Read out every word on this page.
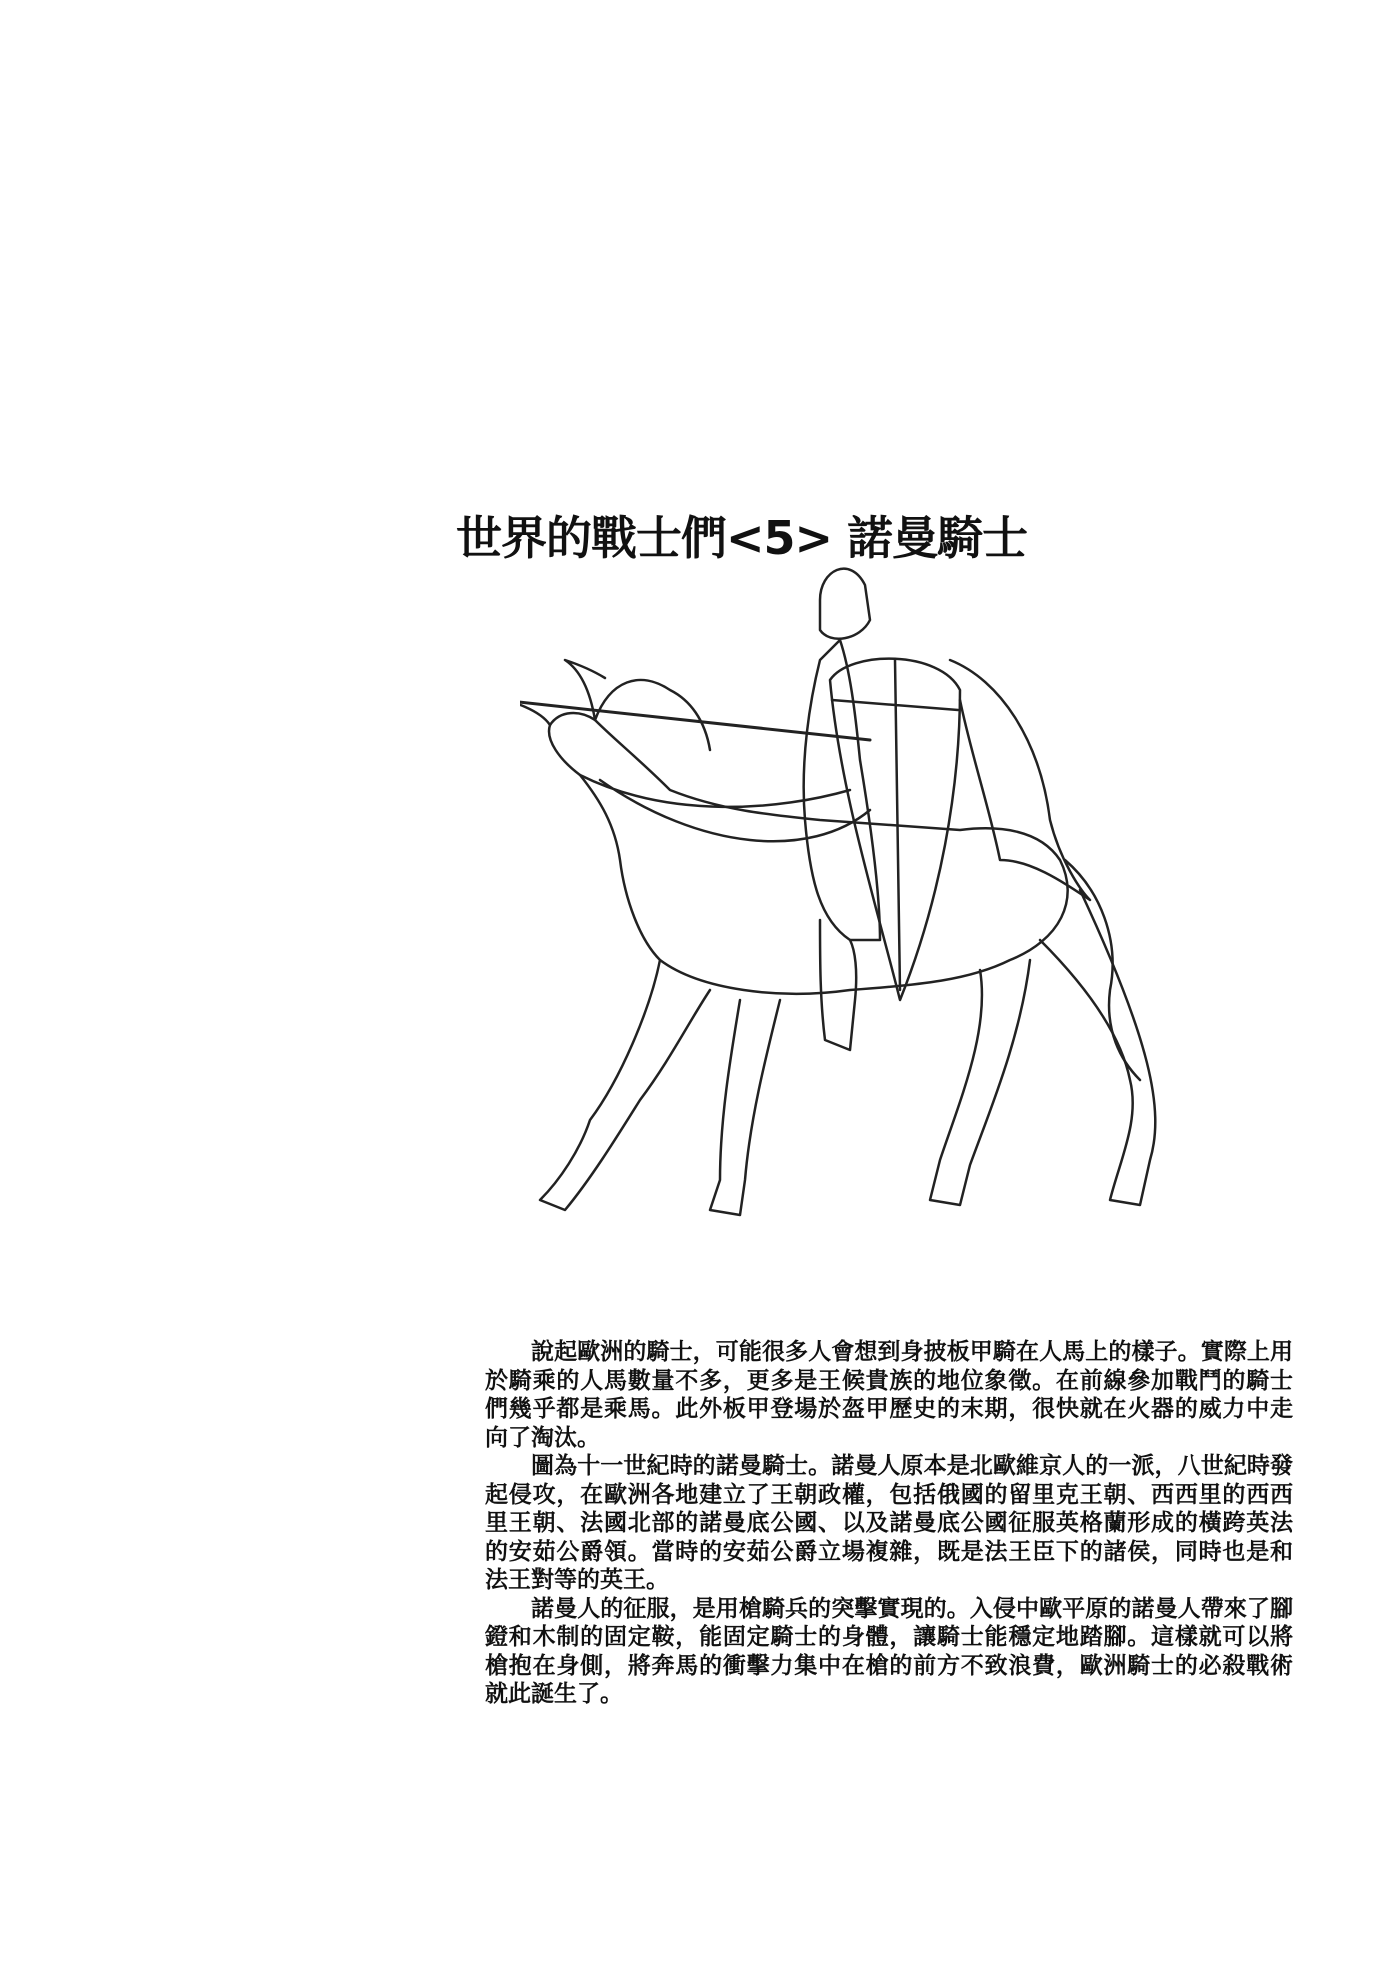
世界的戰士們<5> 諾曼騎士
說起歐洲的騎士，可能很多人會想到身披板甲騎在人馬上的樣子。實際上用
於騎乘的人馬數量不多，更多是王候貴族的地位象徵。在前線參加戰鬥的騎士
們幾乎都是乘馬。此外板甲登場於盔甲歷史的末期，很快就在火器的威力中走
向了淘汰。
圖為十一世紀時的諾曼騎士。諾曼人原本是北歐維京人的一派，八世紀時發
起侵攻，在歐洲各地建立了王朝政權，包括俄國的留里克王朝、西西里的西西
里王朝、法國北部的諾曼底公國、以及諾曼底公國征服英格蘭形成的橫跨英法
的安茹公爵領。當時的安茹公爵立場複雜，既是法王臣下的諸侯，同時也是和
法王對等的英王。
諾曼人的征服，是用槍騎兵的突擊實現的。入侵中歐平原的諾曼人帶來了腳
鐙和木制的固定鞍，能固定騎士的身體，讓騎士能穩定地踏腳。這樣就可以將
槍抱在身側，將奔馬的衝擊力集中在槍的前方不致浪費，歐洲騎士的必殺戰術
就此誕生了。
